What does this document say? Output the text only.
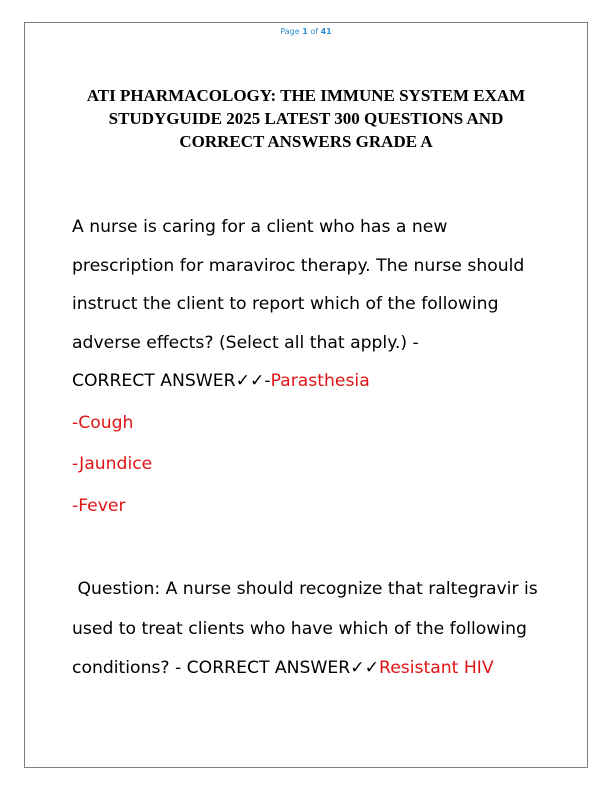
Page 1 of 41
ATI PHARMACOLOGY: THE IMMUNE SYSTEM EXAM
STUDYGUIDE 2025 LATEST 300 QUESTIONS AND
CORRECT ANSWERS GRADE A
A nurse is caring for a client who has a new
prescription for maraviroc therapy. The nurse should
instruct the client to report which of the following
adverse effects? (Select all that apply.) -
CORRECT ANSWER✓✓-Parasthesia
-Cough
-Jaundice
-Fever
Question: A nurse should recognize that raltegravir is
used to treat clients who have which of the following
conditions? - CORRECT ANSWER✓✓Resistant HIV
